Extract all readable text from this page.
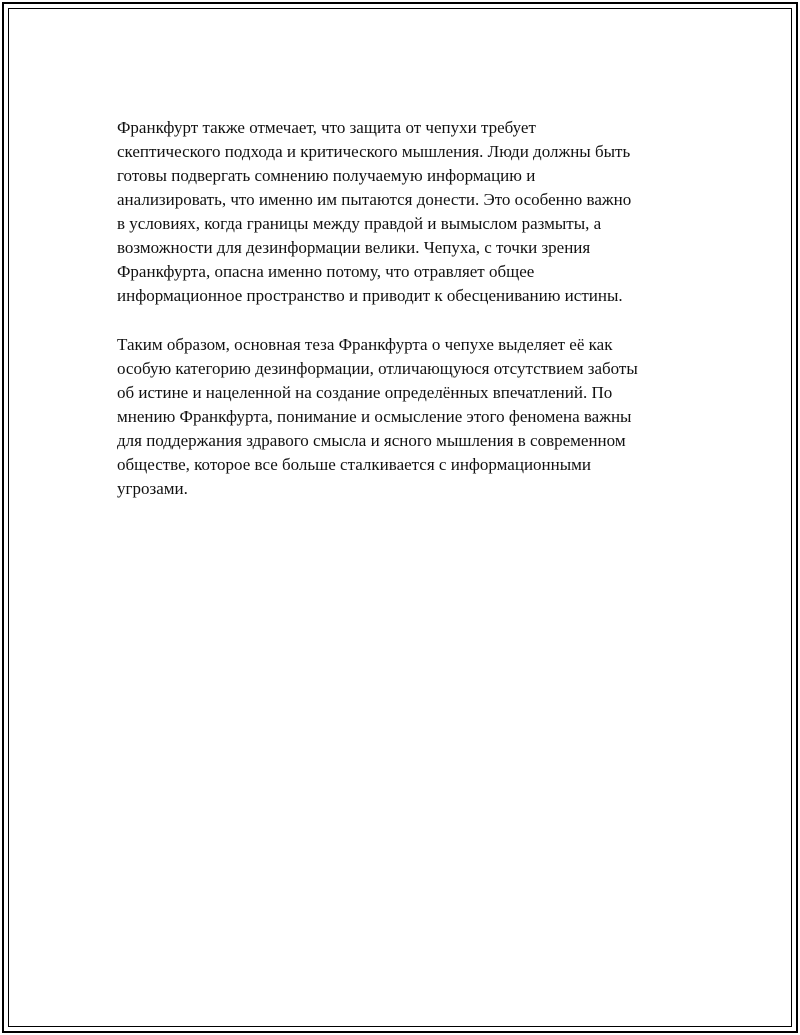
Франкфурт также отмечает, что защита от чепухи требует
скептического подхода и критического мышления. Люди должны быть
готовы подвергать сомнению получаемую информацию и
анализировать, что именно им пытаются донести. Это особенно важно
в условиях, когда границы между правдой и вымыслом размыты, а
возможности для дезинформации велики. Чепуха, с точки зрения
Франкфурта, опасна именно потому, что отравляет общее
информационное пространство и приводит к обесцениванию истины.

Таким образом, основная теза Франкфурта о чепухе выделяет её как
особую категорию дезинформации, отличающуюся отсутствием заботы
об истине и нацеленной на создание определённых впечатлений. По
мнению Франкфурта, понимание и осмысление этого феномена важны
для поддержания здравого смысла и ясного мышления в современном
обществе, которое все больше сталкивается с информационными
угрозами.
